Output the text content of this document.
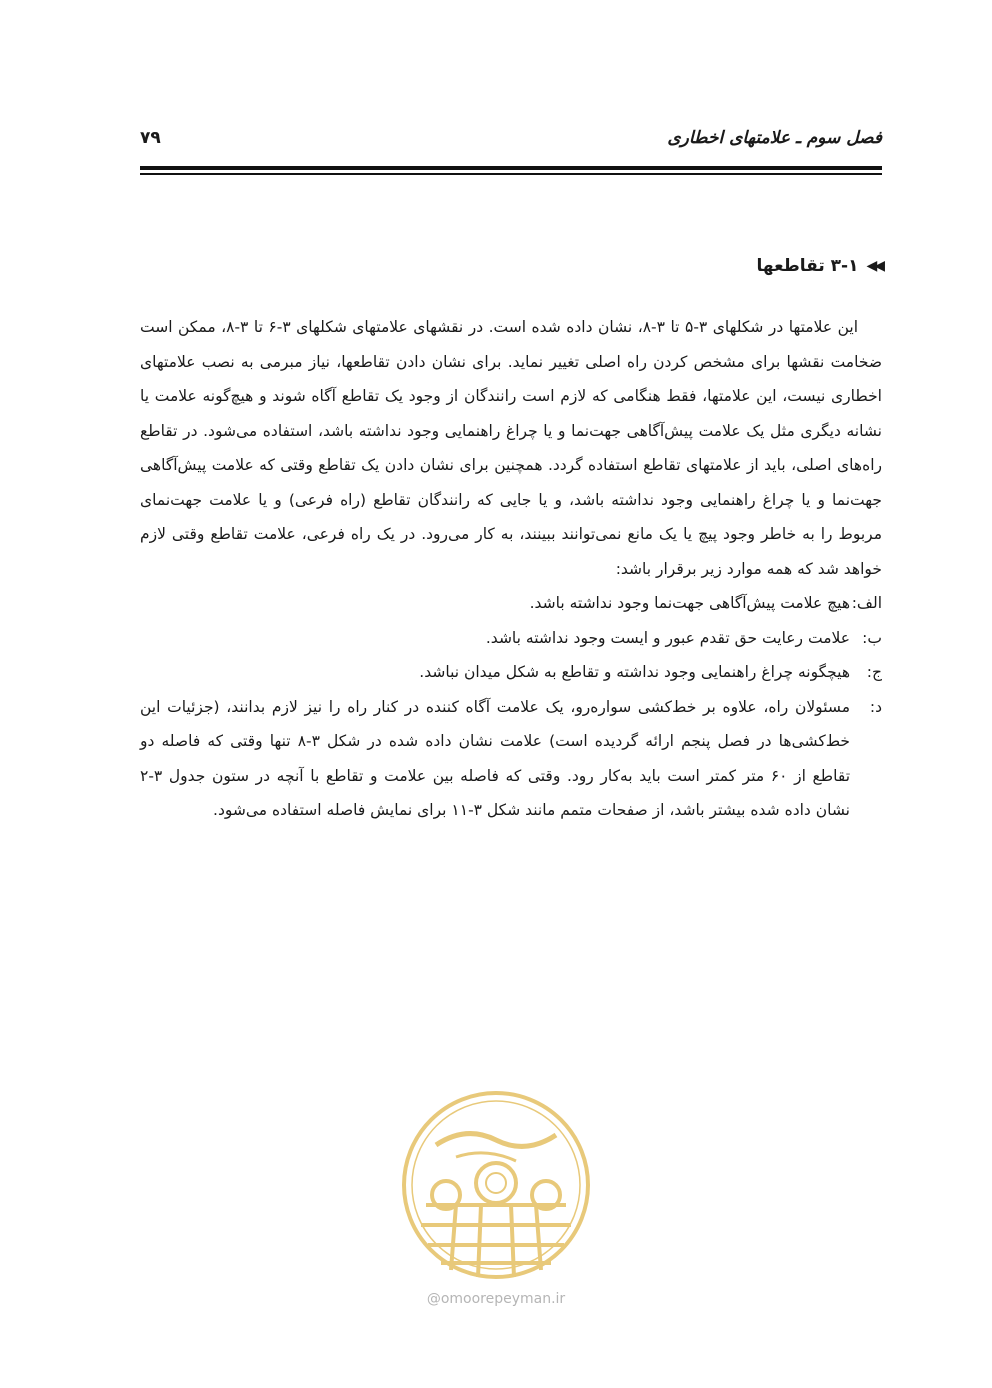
فصل سوم ـ علامتهای اخطاری
۷۹
◀◀
۳-۱ تقاطعها

این علامتها در شکلهای ۳-۵ تا ۳-۸، نشان داده شده است. در نقشهای علامتهای شکلهای ۳-۶ تا ۳-۸، ممکن است ضخامت نقشها برای مشخص کردن راه اصلی تغییر نماید. برای نشان دادن تقاطعها، نیاز مبرمی به نصب علامتهای اخطاری نیست، این علامتها، فقط هنگامی که لازم است رانندگان از وجود یک تقاطع آگاه شوند و هیچ‌گونه علامت یا نشانه دیگری مثل یک علامت پیش‌آگاهی جهت‌نما و یا چراغ راهنمایی وجود نداشته باشد، استفاده می‌شود. در تقاطع راه‌های اصلی، باید از علامتهای تقاطع استفاده گردد. همچنین برای نشان دادن یک تقاطع وقتی که علامت پیش‌آگاهی جهت‌نما و یا چراغ راهنمایی وجود نداشته باشد، و یا جایی که رانندگان تقاطع (راه فرعی) و یا علامت جهت‌نمای مربوط را به خاطر وجود پیچ یا یک مانع نمی‌توانند ببینند، به کار می‌رود. در یک راه فرعی، علامت تقاطع وقتی لازم خواهد شد که همه موارد زیر برقرار باشد:

الف:
هیچ علامت پیش‌آگاهی جهت‌نما وجود نداشته باشد.
ب:
علامت رعایت حق تقدم عبور و ایست وجود نداشته باشد.
ج:
هیچگونه چراغ راهنمایی وجود نداشته و تقاطع به شکل میدان نباشد.
د:
مسئولان راه، علاوه بر خط‌کشی سواره‌رو، یک علامت آگاه کننده در کنار راه را نیز لازم بدانند، (جزئیات این خط‌کشی‌ها در فصل پنجم ارائه گردیده است) علامت نشان داده شده در شکل ۳-۸ تنها وقتی که فاصله دو تقاطع از ۶۰ متر کمتر است باید به‌کار رود. وقتی که فاصله بین علامت و تقاطع با آنچه در ستون جدول ۳-۲ نشان داده شده بیشتر باشد، از صفحات متمم مانند شکل ۳-۱۱ برای نمایش فاصله استفاده می‌شود.
@omoorepeyman.ir
